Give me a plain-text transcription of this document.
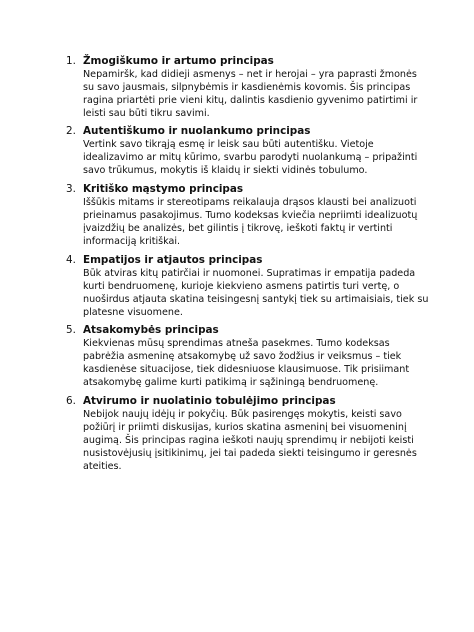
1. Žmogiškumo ir artumo principas
Nepamiršk, kad didieji asmenys – net ir herojai – yra paprasti žmonės
su savo jausmais, silpnybėmis ir kasdienėmis kovomis. Šis principas
ragina priartėti prie vieni kitų, dalintis kasdienio gyvenimo patirtimi ir
leisti sau būti tikru savimi.
2. Autentiškumo ir nuolankumo principas
Vertink savo tikrąją esmę ir leisk sau būti autentišku. Vietoje
idealizavimo ar mitų kūrimo, svarbu parodyti nuolankumą – pripažinti
savo trūkumus, mokytis iš klaidų ir siekti vidinės tobulumo.
3. Kritiško mąstymo principas
Iššūkis mitams ir stereotipams reikalauja drąsos klausti bei analizuoti
prieinamus pasakojimus. Tumo kodeksas kviečia nepriimti idealizuotų
įvaizdžių be analizės, bet gilintis į tikrovę, ieškoti faktų ir vertinti
informaciją kritiškai.
4. Empatijos ir atjautos principas
Būk atviras kitų patirčiai ir nuomonei. Supratimas ir empatija padeda
kurti bendruomenę, kurioje kiekvieno asmens patirtis turi vertę, o
nuoširdus atjauta skatina teisingesnį santykį tiek su artimaisiais, tiek su
platesne visuomene.
5. Atsakomybės principas
Kiekvienas mūsų sprendimas atneša pasekmes. Tumo kodeksas
pabrėžia asmeninę atsakomybę už savo žodžius ir veiksmus – tiek
kasdienėse situacijose, tiek didesniuose klausimuose. Tik prisiimant
atsakomybę galime kurti patikimą ir sąžiningą bendruomenę.
6. Atvirumo ir nuolatinio tobulėjimo principas
Nebijok naujų idėjų ir pokyčių. Būk pasirengęs mokytis, keisti savo
požiūrį ir priimti diskusijas, kurios skatina asmeninį bei visuomeninį
augimą. Šis principas ragina ieškoti naujų sprendimų ir nebijoti keisti
nusistovėjusių įsitikinimų, jei tai padeda siekti teisingumo ir geresnės
ateities.
